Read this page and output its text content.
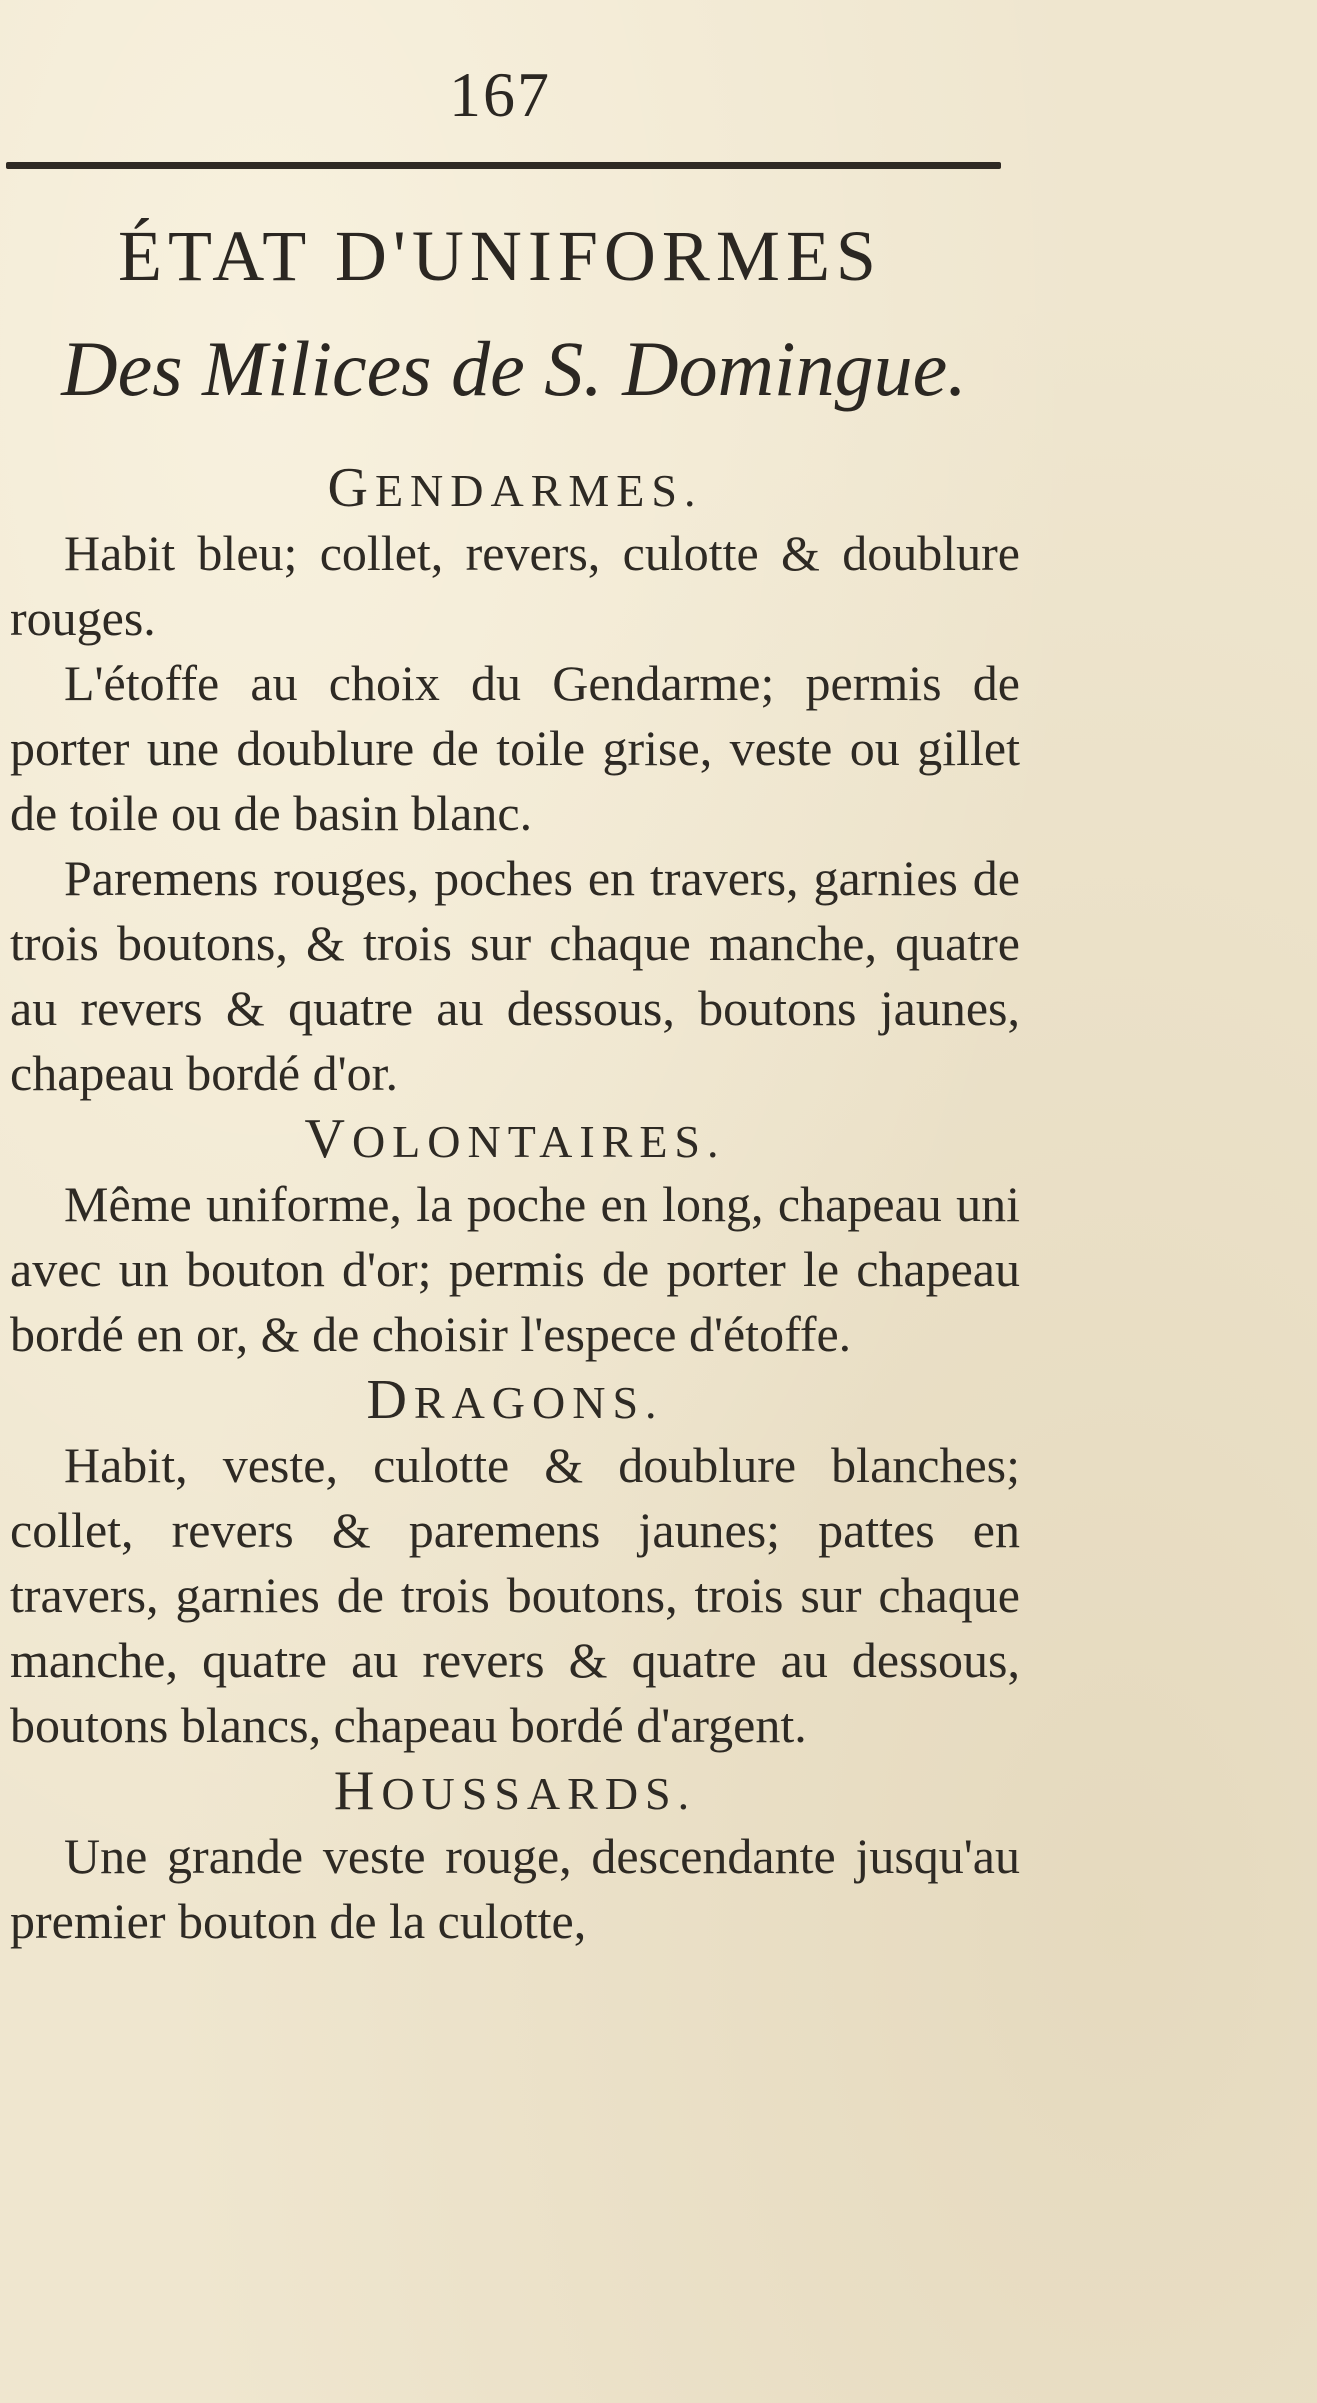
167
ÉTAT D'UNIFORMES
Des Milices de S. Domingue.
GENDARMES.

Habit bleu; collet, revers, culotte & doublure rouges.

L'étoffe au choix du Gendarme; permis de porter une doublure de toile grise, veste ou gillet de toile ou de basin blanc.

Paremens rouges, poches en travers, garnies de trois boutons, & trois sur chaque manche, quatre au revers & quatre au dessous, boutons jaunes, chapeau bordé d'or.

VOLONTAIRES.

Même uniforme, la poche en long, chapeau uni avec un bouton d'or; permis de porter le chapeau bordé en or, & de choisir l'espece d'étoffe.

DRAGONS.

Habit, veste, culotte & doublure blanches; collet, revers & paremens jaunes; pattes en travers, garnies de trois boutons, trois sur chaque manche, quatre au revers & quatre au dessous, boutons blancs, chapeau bordé d'argent.

HOUSSARDS.

Une grande veste rouge, descendante jusqu'au premier bouton de la culotte,
